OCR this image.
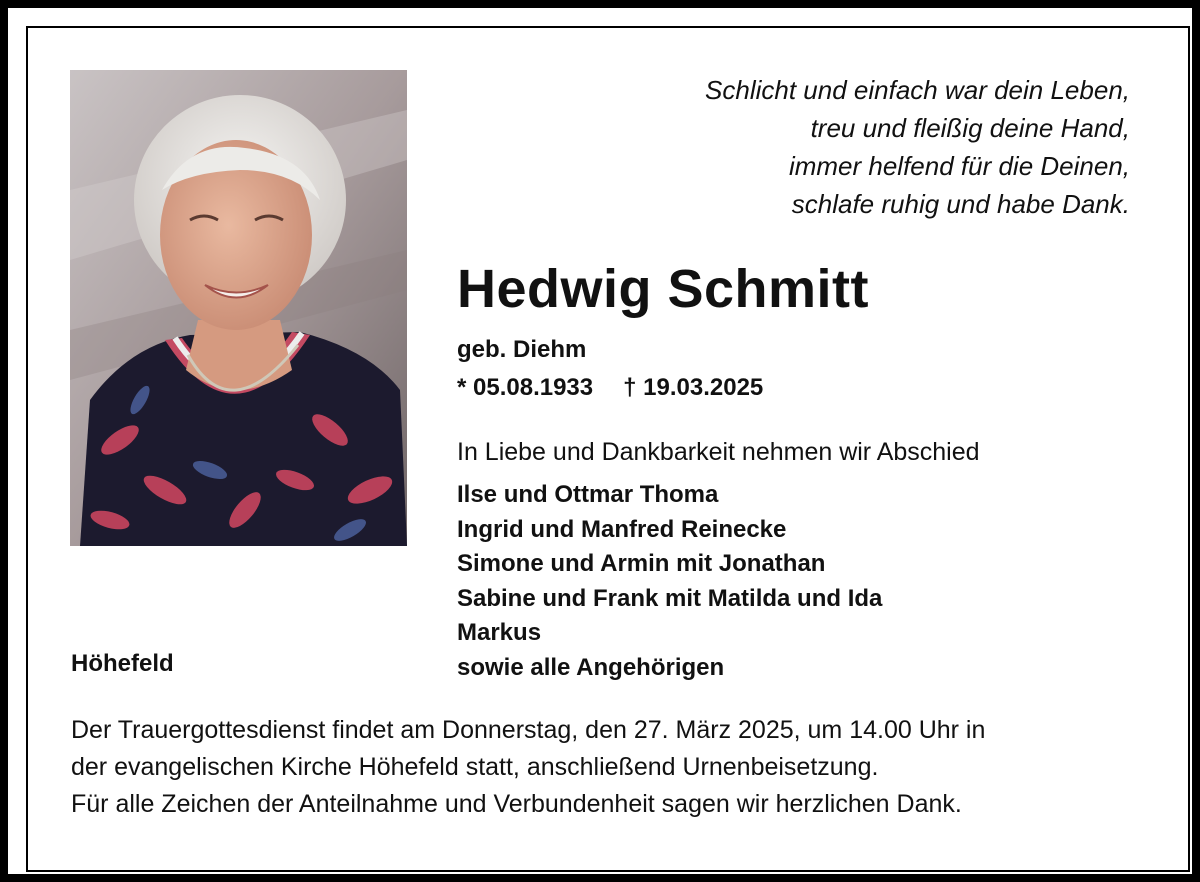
Schlicht und einfach war dein Leben,
treu und fleißig deine Hand,
immer helfend für die Deinen,
schlafe ruhig und habe Dank.
Hedwig Schmitt
geb. Diehm
* 05.08.1933 † 19.03.2025
In Liebe und Dankbarkeit nehmen wir Abschied
Ilse und Ottmar Thoma
Ingrid und Manfred Reinecke
Simone und Armin mit Jonathan
Sabine und Frank mit Matilda und Ida
Markus
sowie alle Angehörigen
Höhefeld
Der Trauergottesdienst findet am Donnerstag, den 27. März 2025, um 14.00 Uhr in
der evangelischen Kirche Höhefeld statt, anschließend Urnenbeisetzung.
Für alle Zeichen der Anteilnahme und Verbundenheit sagen wir herzlichen Dank.
